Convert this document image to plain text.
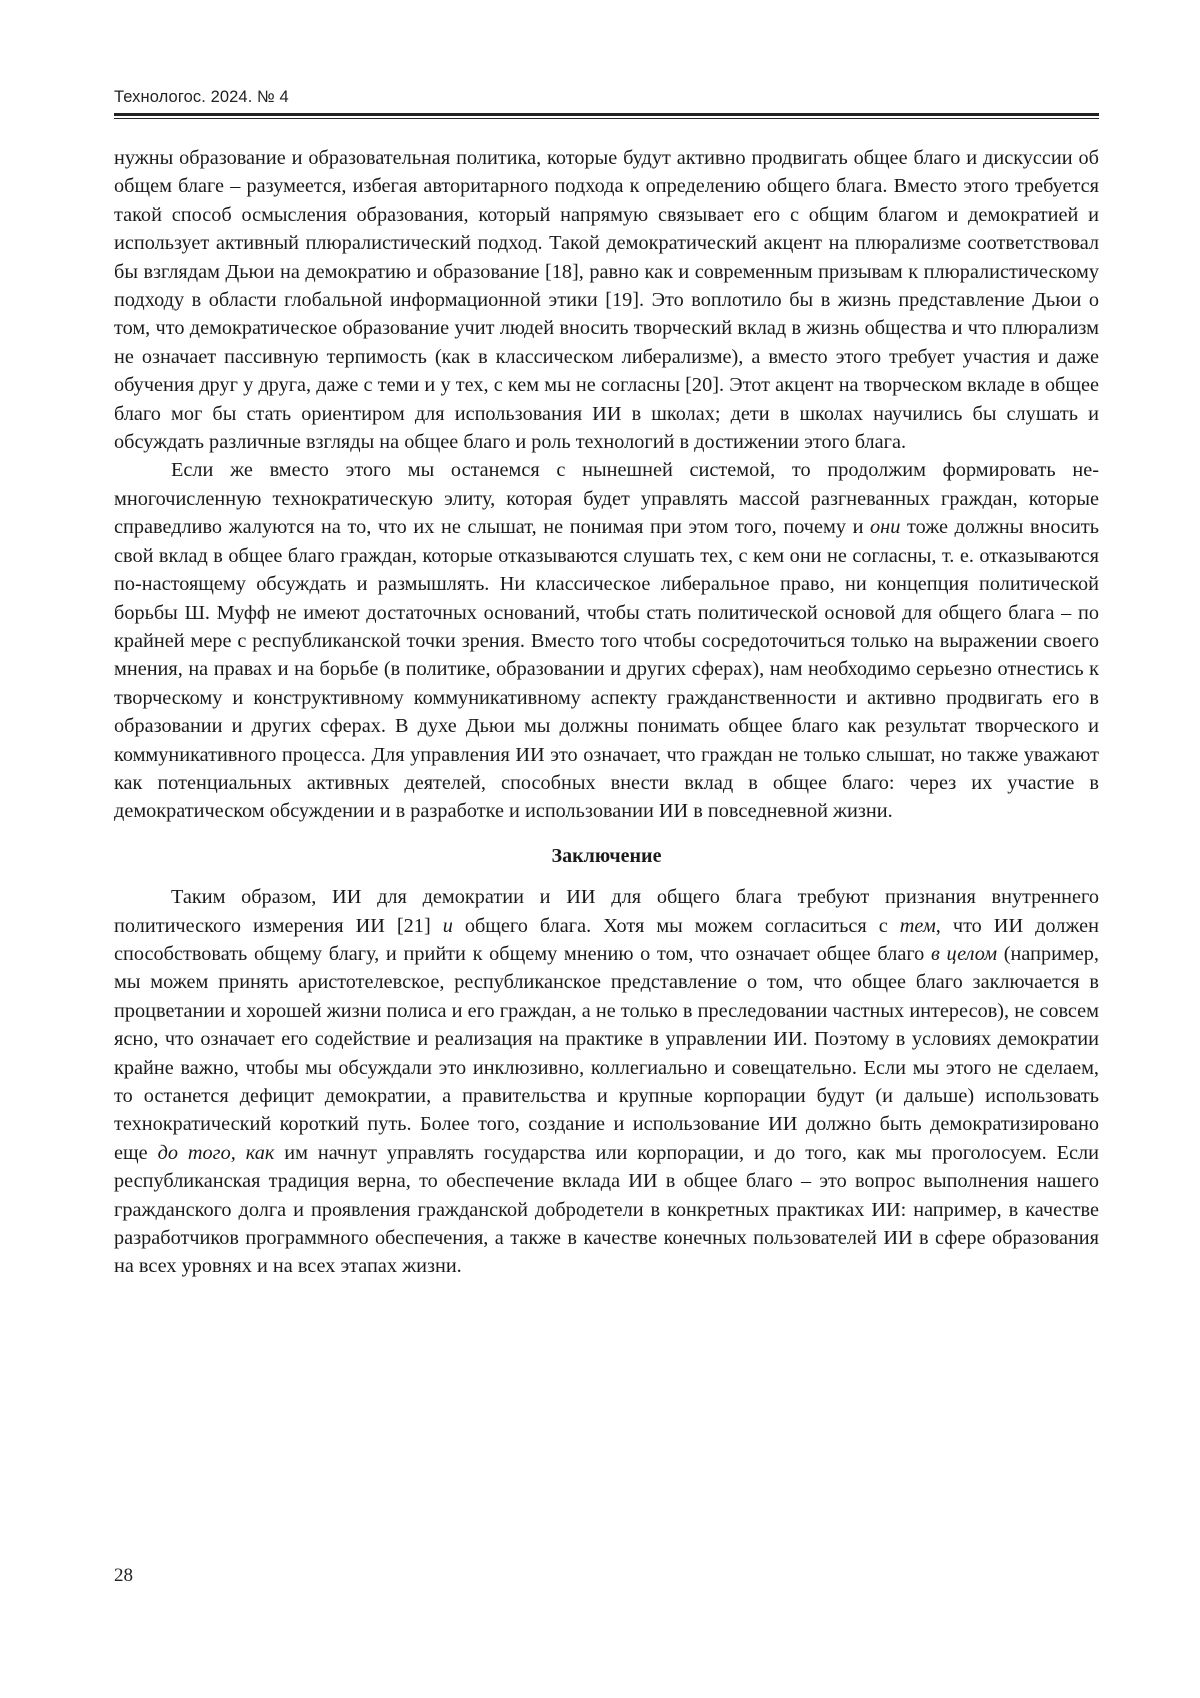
Технологос. 2024. № 4

нужны образование и образовательная политика, которые будут активно продвигать общее благо и дискуссии об общем благе – разумеется, избегая авторитарного подхода к определению общего блага. Вместо этого требуется такой способ осмысления образования, который напрямую связывает его с общим благом и демократией и использует активный плюралистический подход. Такой демократический акцент на плюрализме соответствовал бы взглядам Дьюи на демократию и образование [18], равно как и современным призывам к плюралистическому подходу в области глобальной информационной этики [19]. Это воплотило бы в жизнь представление Дьюи о том, что демократическое образование учит людей вносить творческий вклад в жизнь общества и что плюрализм не означает пассивную терпимость (как в классическом либерализме), а вместо этого требует участия и даже обучения друг у друга, даже с теми и у тех, с кем мы не согласны [20]. Этот акцент на творческом вкладе в общее благо мог бы стать ориентиром для использования ИИ в школах; дети в школах научились бы слушать и обсуждать различные взгляды на общее благо и роль технологий в достижении этого блага.

Если же вместо этого мы останемся с нынешней системой, то продолжим формировать немногочисленную технократическую элиту, которая будет управлять массой разгневанных граждан, которые справедливо жалуются на то, что их не слышат, не понимая при этом того, почему и они тоже должны вносить свой вклад в общее благо граждан, которые отказываются слушать тех, с кем они не согласны, т. е. отказываются по-настоящему обсуждать и размышлять. Ни классическое либеральное право, ни концепция политической борьбы Ш. Муфф не имеют достаточных оснований, чтобы стать политической основой для общего блага – по крайней мере с республиканской точки зрения. Вместо того чтобы сосредоточиться только на выражении своего мнения, на правах и на борьбе (в политике, образовании и других сферах), нам необходимо серьезно отнестись к творческому и конструктивному коммуникативному аспекту гражданственности и активно продвигать его в образовании и других сферах. В духе Дьюи мы должны понимать общее благо как результат творческого и коммуникативного процесса. Для управления ИИ это означает, что граждан не только слышат, но также уважают как потенциальных активных деятелей, способных внести вклад в общее благо: через их участие в демократическом обсуждении и в разработке и использовании ИИ в повседневной жизни.

Заключение

Таким образом, ИИ для демократии и ИИ для общего блага требуют признания внутреннего политического измерения ИИ [21] и общего блага. Хотя мы можем согласиться с тем, что ИИ должен способствовать общему благу, и прийти к общему мнению о том, что означает общее благо в целом (например, мы можем принять аристотелевское, республиканское представление о том, что общее благо заключается в процветании и хорошей жизни полиса и его граждан, а не только в преследовании частных интересов), не совсем ясно, что означает его содействие и реализация на практике в управлении ИИ. Поэтому в условиях демократии крайне важно, чтобы мы обсуждали это инклюзивно, коллегиально и совещательно. Если мы этого не сделаем, то останется дефицит демократии, а правительства и крупные корпорации будут (и дальше) использовать технократический короткий путь. Более того, создание и использование ИИ должно быть демократизировано еще до того, как им начнут управлять государства или корпорации, и до того, как мы проголосуем. Если республиканская традиция верна, то обеспечение вклада ИИ в общее благо – это вопрос выполнения нашего гражданского долга и проявления гражданской добродетели в конкретных практиках ИИ: например, в качестве разработчиков программного обеспечения, а также в качестве конечных пользователей ИИ в сфере образования на всех уровнях и на всех этапах жизни.

28
